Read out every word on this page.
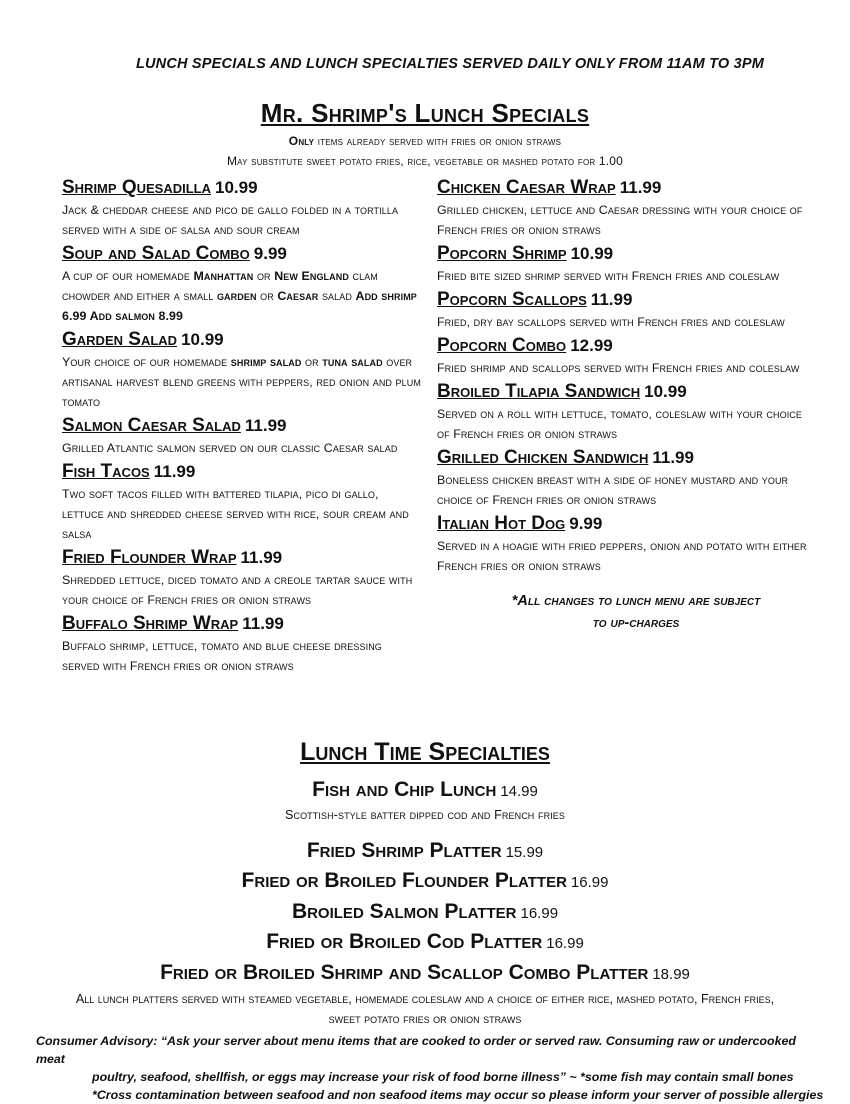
LUNCH SPECIALS AND LUNCH SPECIALTIES SERVED DAILY ONLY FROM 11AM TO 3PM
Mr. Shrimp's Lunch Specials
Only items already served with fries or onion straws
May substitute sweet potato fries, rice, vegetable or mashed potato for 1.00
Shrimp Quesadilla 10.99
Jack & cheddar cheese and pico de gallo folded in a tortilla served with a side of salsa and sour cream
Soup and Salad Combo 9.99
A cup of our homemade Manhattan or New England clam chowder and either a small garden or Caesar salad Add shrimp 6.99 Add salmon 8.99
Garden Salad 10.99
Your choice of our homemade shrimp salad or tuna salad over artisanal harvest blend greens with peppers, red onion and plum tomato
Salmon Caesar Salad 11.99
Grilled Atlantic salmon served on our classic Caesar salad
Fish Tacos 11.99
Two soft tacos filled with battered tilapia, pico di gallo, lettuce and shredded cheese served with rice, sour cream and salsa
Fried Flounder Wrap 11.99
Shredded lettuce, diced tomato and a creole tartar sauce with your choice of French fries or onion straws
Buffalo Shrimp Wrap 11.99
Buffalo shrimp, lettuce, tomato and blue cheese dressing served with French fries or onion straws
Chicken Caesar Wrap 11.99
Grilled chicken, lettuce and Caesar dressing with your choice of French fries or onion straws
Popcorn Shrimp 10.99
Fried bite sized shrimp served with French fries and coleslaw
Popcorn Scallops 11.99
Fried, dry bay scallops served with French fries and coleslaw
Popcorn Combo 12.99
Fried shrimp and scallops served with French fries and coleslaw
Broiled Tilapia Sandwich 10.99
Served on a roll with lettuce, tomato, coleslaw with your choice of French fries or onion straws
Grilled Chicken Sandwich 11.99
Boneless chicken breast with a side of honey mustard and your choice of French fries or onion straws
Italian Hot Dog 9.99
Served in a hoagie with fried peppers, onion and potato with either French fries or onion straws
*All changes to lunch menu are subject
to up-charges
Lunch Time Specialties
Fish and Chip Lunch 14.99
Scottish-style batter dipped cod and French fries
Fried Shrimp Platter 15.99
Fried or Broiled Flounder Platter 16.99
Broiled Salmon Platter 16.99
Fried or Broiled Cod Platter 16.99
Fried or Broiled Shrimp and Scallop Combo Platter 18.99
All lunch platters served with steamed vegetable, homemade coleslaw and a choice of either rice, mashed potato, French fries, sweet potato fries or onion straws

Consumer Advisory: “Ask your server about menu items that are cooked to order or served raw. Consuming raw or undercooked meat
poultry, seafood, shellfish, or eggs may increase your risk of food borne illness” ~ *some fish may contain small bones

*Cross contamination between seafood and non seafood items may occur so please inform your server of possible allergies
